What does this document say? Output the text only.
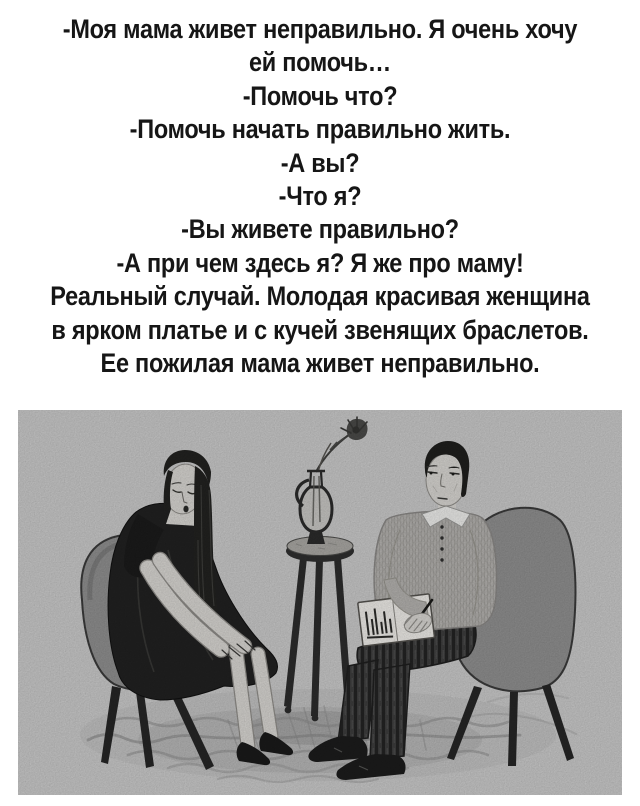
-Моя мама живет неправильно. Я очень хочу
ей помочь…
-Помочь что?
-Помочь начать правильно жить.
-А вы?
-Что я?
-Вы живете правильно?
-А при чем здесь я? Я же про маму!
Реальный случай. Молодая красивая женщина
в ярком платье и с кучей звенящих браслетов.
Ее пожилая мама живет неправильно.
